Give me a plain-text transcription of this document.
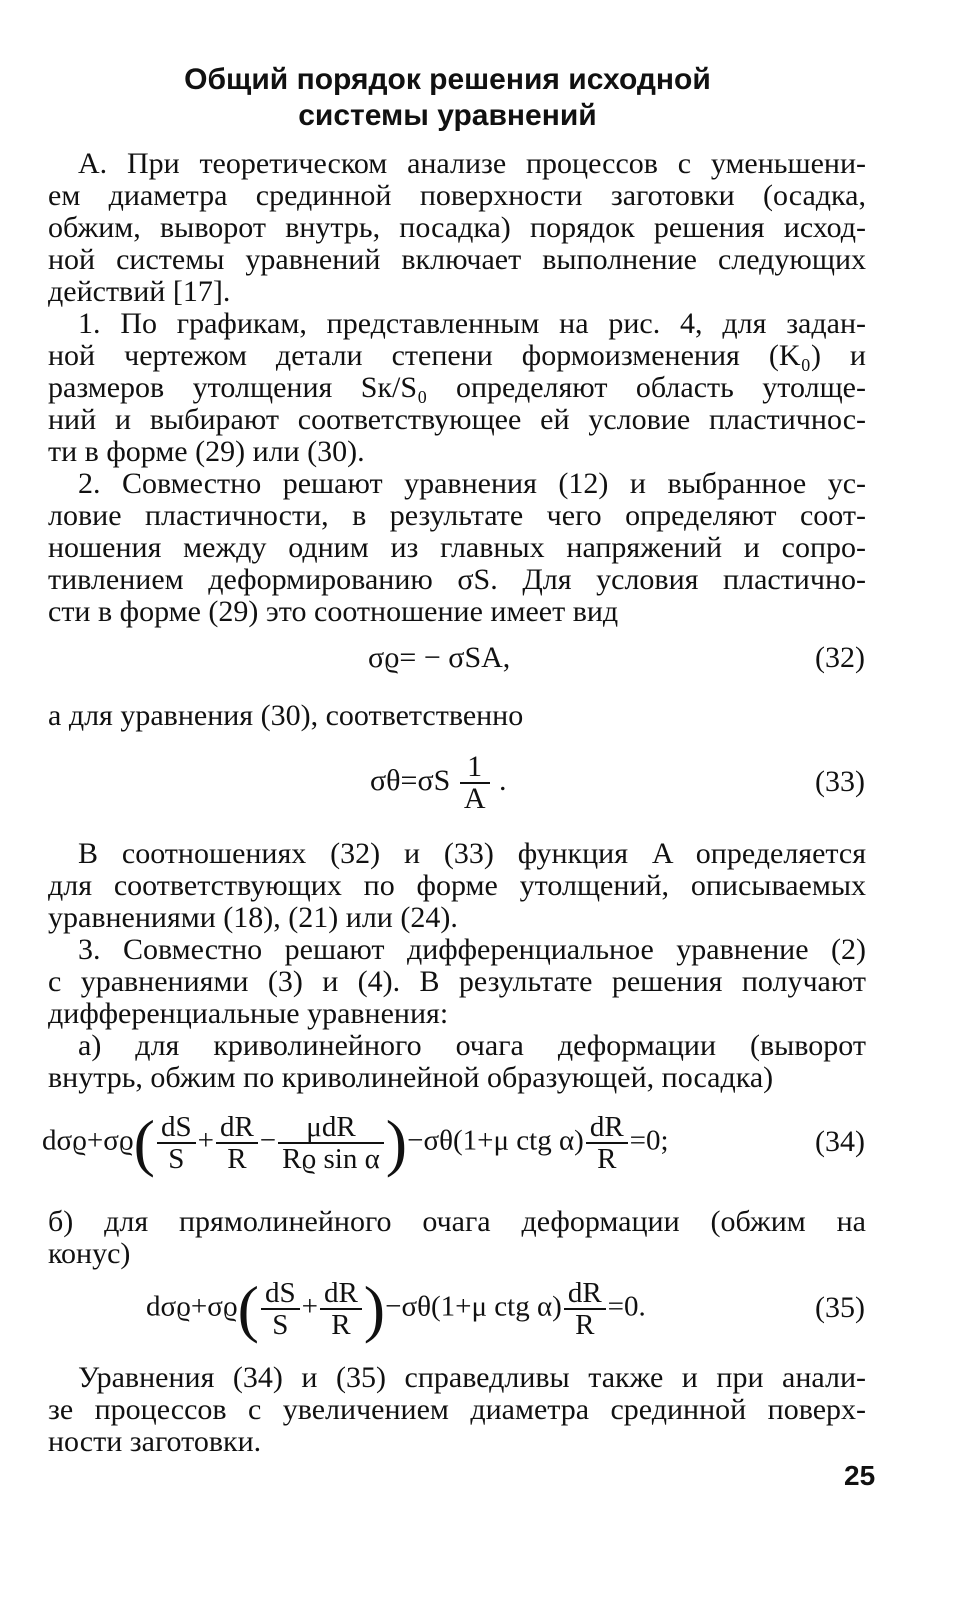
Общий порядок решения исходной
системы уравнений
А. При теоретическом анализе процессов с уменьшени-
ем диаметра срединной поверхности заготовки (осадка,
обжим, выворот внутрь, посадка) порядок решения исход-
ной системы уравнений включает выполнение следующих
действий [17].
1. По графикам, представленным на рис. 4, для задан-
ной чертежом детали степени формоизменения (K₀) и
размеров утолщения Sк/S₀ определяют область утолще-
ний и выбирают соответствующее ей условие пластичнос-
ти в форме (29) или (30).
2. Совместно решают уравнения (12) и выбранное ус-
ловие пластичности, в результате чего определяют соот-
ношения между одним из главных напряжений и сопро-
тивлением деформированию σS. Для условия пластично-
сти в форме (29) это соотношение имеет вид
σϱ= − σSA,	(32)
а для уравнения (30), соответственно
$\sigma\theta=\sigma S \frac{1}{A}$ .	(33)
В соотношениях (32) и (33) функция A определяется
для соответствующих по форме утолщений, описываемых
уравнениями (18), (21) или (24).
3. Совместно решают дифференциальное уравнение (2)
с уравнениями (3) и (4). В результате решения получают
дифференциальные уравнения:
а) для криволинейного очага деформации (выворот
внутрь, обжим по криволинейной образующей, посадка)
$d\sigma ϱ+\sigma ϱ( \frac{dS}{S} + \frac{dR}{R} - \frac{\text{μdR}}{\text{Rϱ sin α}} )-\sigma\theta(1+\mu$ ctg $\alpha) \frac{dR}{R} =0$;	(34)
б) для прямолинейного очага деформации (обжим на
конус)
$d\sigma ϱ+\sigma ϱ( \frac{dS}{S} + \frac{dR}{R} )-\sigma\theta(1+\mu$ ctg $\alpha) \frac{dR}{R} =0$.	(35)
Уравнения (34) и (35) справедливы также и при анали-
зе процессов с увеличением диаметра срединной поверх-
ности заготовки.
25
